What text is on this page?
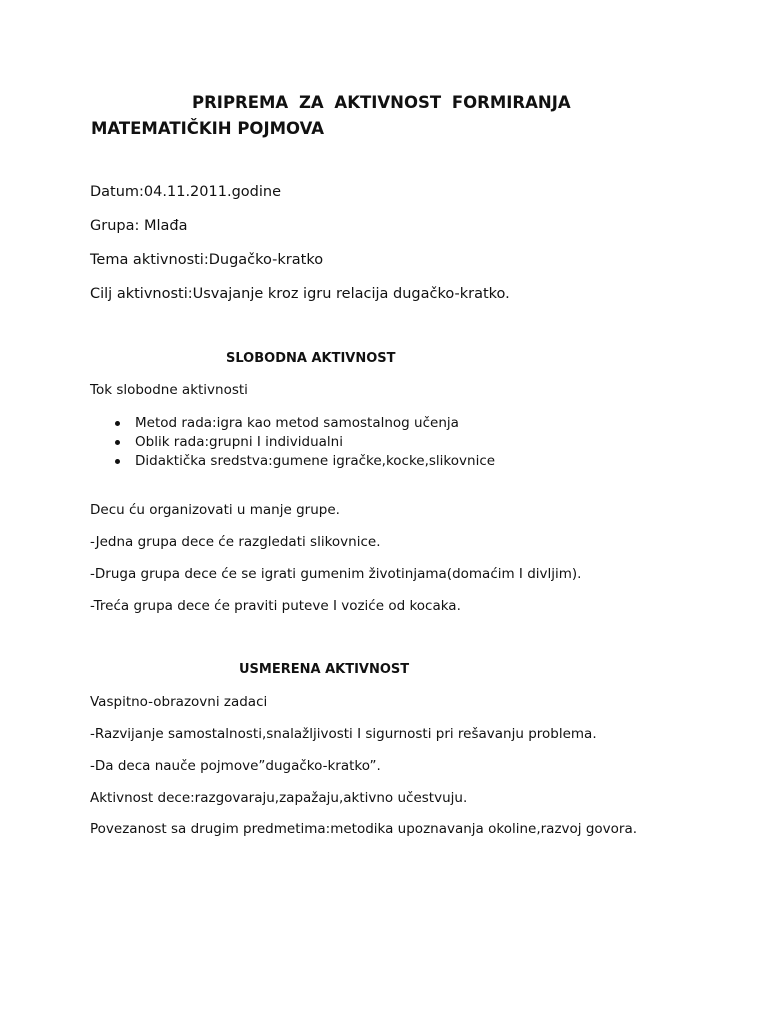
PRIPREMA ZA AKTIVNOST FORMIRANJA
MATEMATIČKIH POJMOVA
Datum:04.11.2011.godine
Grupa: Mlađa
Tema aktivnosti:Dugačko-kratko
Cilj aktivnosti:Usvajanje kroz igru relacija dugačko-kratko.
SLOBODNA AKTIVNOST
Tok slobodne aktivnosti
Metod rada:igra kao metod samostalnog učenja
Oblik rada:grupni I individualni
Didaktička sredstva:gumene igračke,kocke,slikovnice
Decu ću organizovati u manje grupe.
-Jedna grupa dece će razgledati slikovnice.
-Druga grupa dece će se igrati gumenim životinjama(domaćim I divljim).
-Treća grupa dece će praviti puteve I voziće od kocaka.
USMERENA AKTIVNOST
Vaspitno-obrazovni zadaci
-Razvijanje samostalnosti,snalažljivosti I sigurnosti pri rešavanju problema.
-Da deca nauče pojmove”dugačko-kratko”.
Aktivnost dece:razgovaraju,zapažaju,aktivno učestvuju.
Povezanost sa drugim predmetima:metodika upoznavanja okoline,razvoj govora.
